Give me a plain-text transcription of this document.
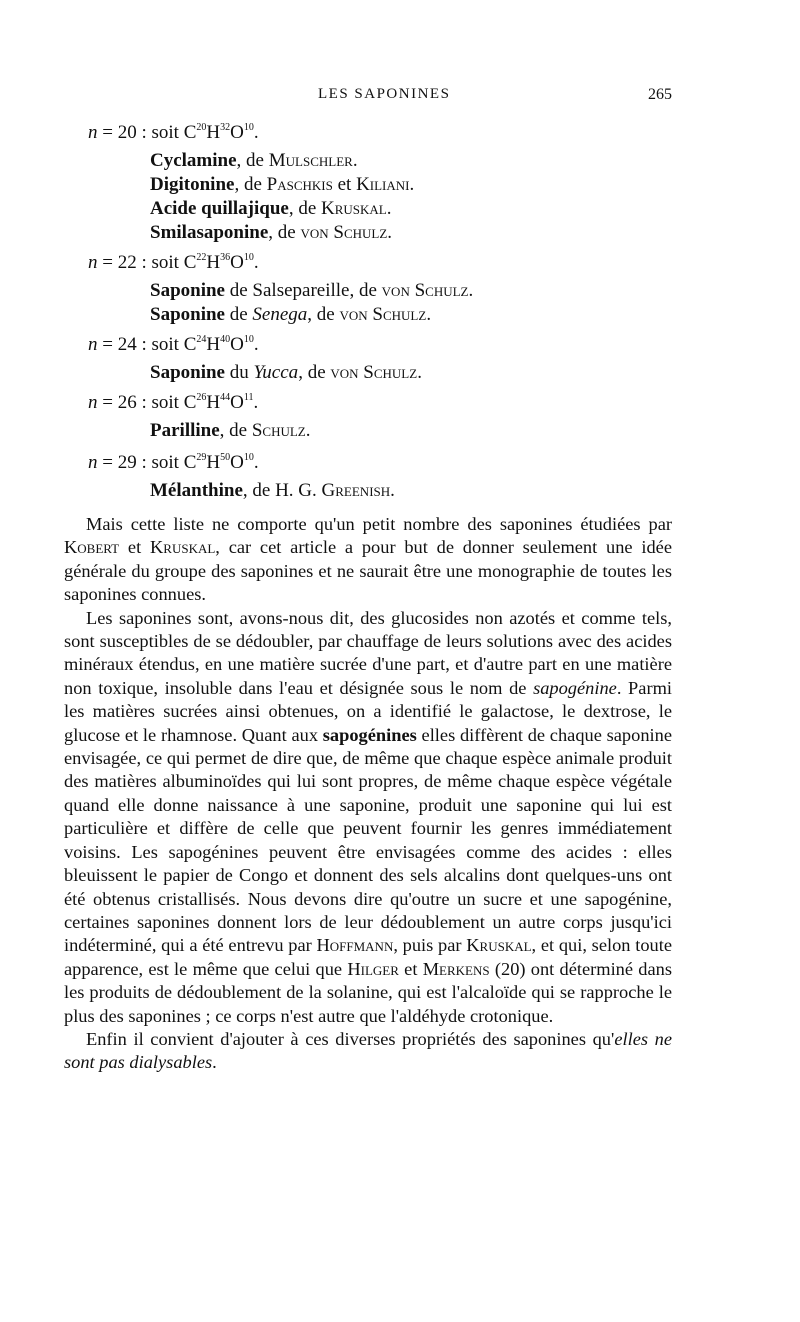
LES SAPONINES	265
n = 20 : soit $C^{20}H^{32}O^{10}$.
Cyclamine, de Mulschler.
Digitonine, de Paschkis et Kiliani.
Acide quillajique, de Kruskal.
Smilasaponine, de von Schulz.
n = 22 : soit $C^{22}H^{36}O^{10}$.
Saponine de Salsepareille, de von Schulz.
Saponine de Senega, de von Schulz.
n = 24 : soit $C^{24}H^{40}O^{10}$.
Saponine du Yucca, de von Schulz.
n = 26 : soit $C^{26}H^{44}O^{11}$.
Parilline, de Schulz.
n = 29 : soit $C^{29}H^{50}O^{10}$.
Mélanthine, de H. G. Greenish.

Mais cette liste ne comporte qu'un petit nombre des saponines étudiées par Kobert et Kruskal, car cet article a pour but de donner seulement une idée générale du groupe des saponines et ne saurait être une monographie de toutes les saponines connues.

Les saponines sont, avons-nous dit, des glucosides non azotés et comme tels, sont susceptibles de se dédoubler, par chauffage de leurs solutions avec des acides minéraux étendus, en une matière sucrée d'une part, et d'autre part en une matière non toxique, insoluble dans l'eau et désignée sous le nom de sapogénine. Parmi les matières sucrées ainsi obtenues, on a identifié le galactose, le dextrose, le glucose et le rhamnose. Quant aux sapogénines elles diffèrent de chaque saponine envisagée, ce qui permet de dire que, de même que chaque espèce animale produit des matières albuminoïdes qui lui sont propres, de même chaque espèce végétale quand elle donne naissance à une saponine, produit une saponine qui lui est particulière et diffère de celle que peuvent fournir les genres immédiatement voisins. Les sapogénines peuvent être envisagées comme des acides : elles bleuissent le papier de Congo et donnent des sels alcalins dont quelques-uns ont été obtenus cristallisés. Nous devons dire qu'outre un sucre et une sapogénine, certaines saponines donnent lors de leur dédoublement un autre corps jusqu'ici indéterminé, qui a été entrevu par Hoffmann, puis par Kruskal, et qui, selon toute apparence, est le même que celui que Hilger et Merkens (20) ont déterminé dans les produits de dédoublement de la solanine, qui est l'alcaloïde qui se rapproche le plus des saponines ; ce corps n'est autre que l'aldéhyde crotonique.

Enfin il convient d'ajouter à ces diverses propriétés des saponines qu'elles ne sont pas dialysables.
